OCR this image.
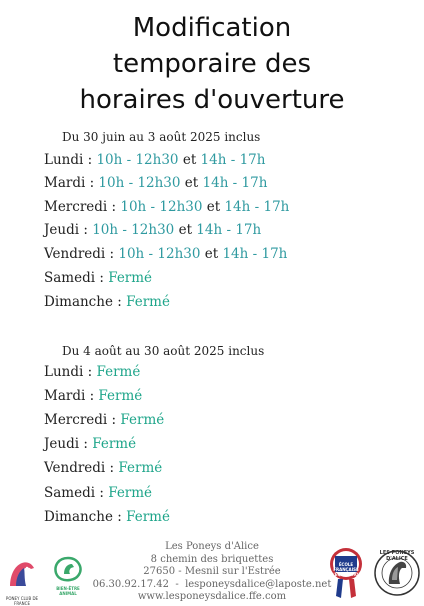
Modification
temporaire des
horaires d'ouverture
Du 30 juin au 3 août 2025 inclus
Lundi : 10h - 12h30 et 14h - 17h
Mardi : 10h - 12h30 et 14h - 17h
Mercredi : 10h - 12h30 et 14h - 17h
Jeudi : 10h - 12h30 et 14h - 17h
Vendredi : 10h - 12h30 et 14h - 17h
Samedi : Fermé
Dimanche : Fermé
Du 4 août au 30 août 2025 inclus
Lundi : Fermé
Mardi : Fermé
Mercredi : Fermé
Jeudi : Fermé
Vendredi : Fermé
Samedi : Fermé
Dimanche : Fermé
Les Poneys d'Alice
8 chemin des briquettes
27650 - Mesnil sur l'Estrée
06.30.92.17.42  -  lesponeysdalice@laposte.net
www.lesponeysdalice.ffe.com
PONEY CLUB DE FRANCE
BIEN-ÊTRE
ANIMAL
ÉCOLE
FRANÇAISE
D'ÉQUITATION
LES PONEYS D'ALICE
